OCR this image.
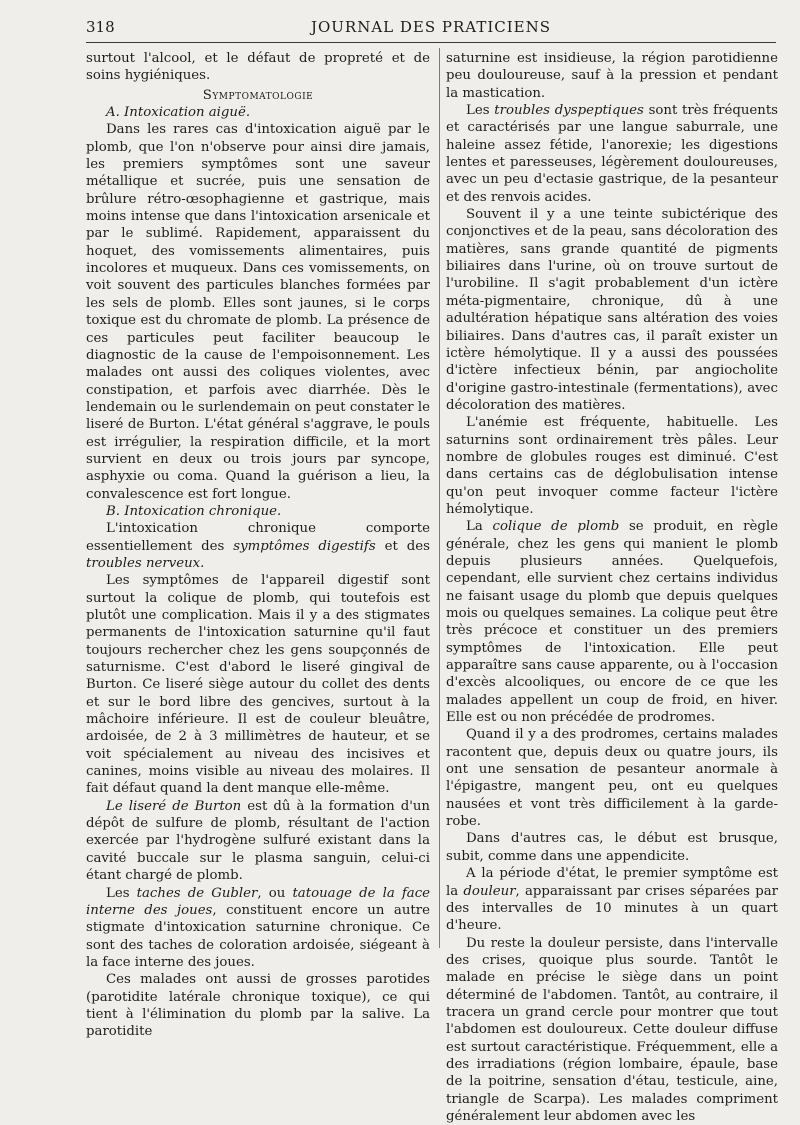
318	JOURNAL DES PRATICIENS

surtout l'alcool, et le défaut de propreté et de soins hygiéniques.

Symptomatologie

A. Intoxication aiguë.

Dans les rares cas d'intoxication aiguë par le plomb, que l'on n'observe pour ainsi dire jamais, les premiers symptômes sont une saveur métallique et sucrée, puis une sensation de brûlure rétro-œsophagienne et gastrique, mais moins intense que dans l'intoxication arsenicale et par le sublimé. Rapidement, apparaissent du hoquet, des vomissements alimentaires, puis incolores et muqueux. Dans ces vomissements, on voit souvent des particules blanches formées par les sels de plomb. Elles sont jaunes, si le corps toxique est du chromate de plomb. La présence de ces particules peut faciliter beaucoup le diagnostic de la cause de l'empoisonnement. Les malades ont aussi des coliques violentes, avec constipation, et parfois avec diarrhée. Dès le lendemain ou le surlendemain on peut constater le liseré de Burton. L'état général s'aggrave, le pouls est irrégulier, la respiration difficile, et la mort survient en deux ou trois jours par syncope, asphyxie ou coma. Quand la guérison a lieu, la convalescence est fort longue.

B. Intoxication chronique.

L'intoxication chronique comporte essentiellement des symptômes digestifs et des troubles nerveux.

Les symptômes de l'appareil digestif sont surtout la colique de plomb, qui toutefois est plutôt une complication. Mais il y a des stigmates permanents de l'intoxication saturnine qu'il faut toujours rechercher chez les gens soupçonnés de saturnisme. C'est d'abord le liseré gingival de Burton. Ce liseré siège autour du collet des dents et sur le bord libre des gencives, surtout à la mâchoire inférieure. Il est de couleur bleuâtre, ardoisée, de 2 à 3 millimètres de hauteur, et se voit spécialement au niveau des incisives et canines, moins visible au niveau des molaires. Il fait défaut quand la dent manque elle-même.

Le liseré de Burton est dû à la formation d'un dépôt de sulfure de plomb, résultant de l'action exercée par l'hydrogène sulfuré existant dans la cavité buccale sur le plasma sanguin, celui-ci étant chargé de plomb.

Les taches de Gubler, ou tatouage de la face interne des joues, constituent encore un autre stigmate d'intoxication saturnine chronique. Ce sont des taches de coloration ardoisée, siégeant à la face interne des joues.

Ces malades ont aussi de grosses parotides (parotidite latérale chronique toxique), ce qui tient à l'élimination du plomb par la salive. La parotidite

saturnine est insidieuse, la région parotidienne peu douloureuse, sauf à la pression et pendant la mastication.

Les troubles dyspeptiques sont très fréquents et caractérisés par une langue saburrale, une haleine assez fétide, l'anorexie; les digestions lentes et paresseuses, légèrement douloureuses, avec un peu d'ectasie gastrique, de la pesanteur et des renvois acides.

Souvent il y a une teinte subictérique des conjonctives et de la peau, sans décoloration des matières, sans grande quantité de pigments biliaires dans l'urine, où on trouve surtout de l'urobiline. Il s'agit probablement d'un ictère méta-pigmentaire, chronique, dû à une adultération hépatique sans altération des voies biliaires. Dans d'autres cas, il paraît exister un ictère hémolytique. Il y a aussi des poussées d'ictère infectieux bénin, par angiocholite d'origine gastro-intestinale (fermentations), avec décoloration des matières.

L'anémie est fréquente, habituelle. Les saturnins sont ordinairement très pâles. Leur nombre de globules rouges est diminué. C'est dans certains cas de déglobulisation intense qu'on peut invoquer comme facteur l'ictère hémolytique.

La colique de plomb se produit, en règle générale, chez les gens qui manient le plomb depuis plusieurs années. Quelquefois, cependant, elle survient chez certains individus ne faisant usage du plomb que depuis quelques mois ou quelques semaines. La colique peut être très précoce et constituer un des premiers symptômes de l'intoxication. Elle peut apparaître sans cause apparente, ou à l'occasion d'excès alcooliques, ou encore de ce que les malades appellent un coup de froid, en hiver. Elle est ou non précédée de prodromes.

Quand il y a des prodromes, certains malades racontent que, depuis deux ou quatre jours, ils ont une sensation de pesanteur anormale à l'épigastre, mangent peu, ont eu quelques nausées et vont très difficilement à la garde-robe.

Dans d'autres cas, le début est brusque, subit, comme dans une appendicite.

A la période d'état, le premier symptôme est la douleur, apparaissant par crises séparées par des intervalles de 10 minutes à un quart d'heure.

Du reste la douleur persiste, dans l'intervalle des crises, quoique plus sourde. Tantôt le malade en précise le siège dans un point déterminé de l'abdomen. Tantôt, au contraire, il tracera un grand cercle pour montrer que tout l'abdomen est douloureux. Cette douleur diffuse est surtout caractéristique. Fréquemment, elle a des irradiations (région lombaire, épaule, base de la poitrine, sensation d'étau, testicule, aine, triangle de Scarpa). Les malades compriment généralement leur abdomen avec les
